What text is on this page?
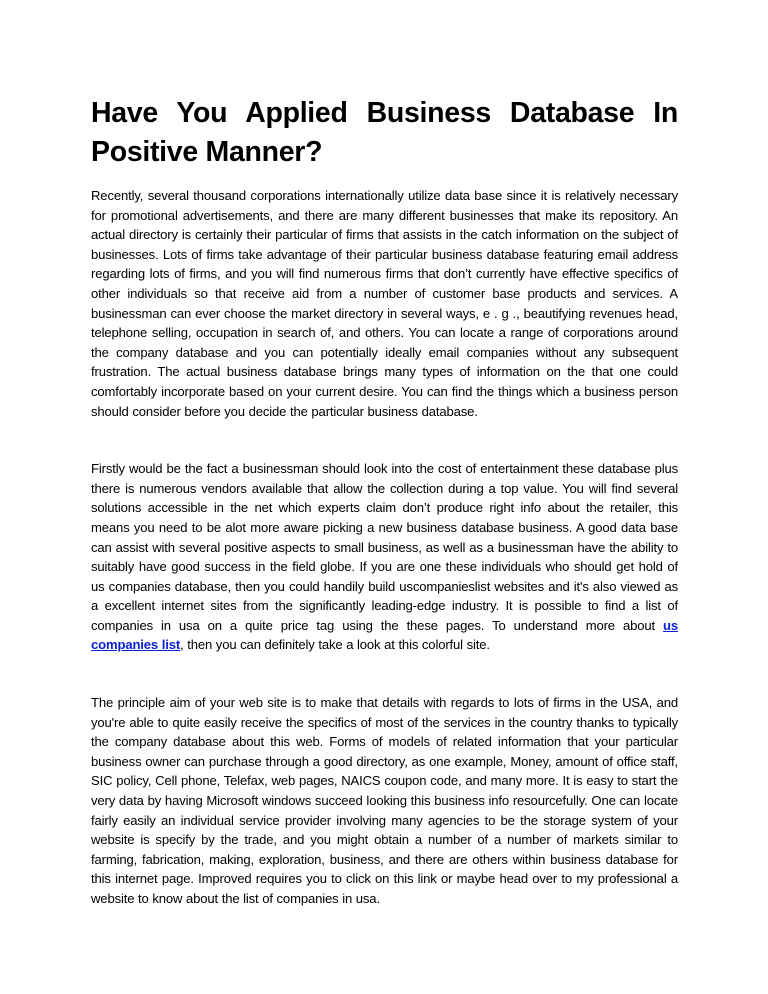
Have You Applied Business Database In
Positive Manner?

Recently, several thousand corporations internationally utilize data base since it is relatively necessary for promotional advertisements, and there are many different businesses that make its repository. An actual directory is certainly their particular of firms that assists in the catch information on the subject of businesses. Lots of firms take advantage of their particular business database featuring email address regarding lots of firms, and you will find numerous firms that don’t currently have effective specifics of other individuals so that receive aid from a number of customer base products and services. A businessman can ever choose the market directory in several ways, e . g ., beautifying revenues head, telephone selling, occupation in search of, and others. You can locate a range of corporations around the company database and you can potentially ideally email companies without any subsequent frustration. The actual business database brings many types of information on the that one could comfortably incorporate based on your current desire. You can find the things which a business person should consider before you decide the particular business database.

Firstly would be the fact a businessman should look into the cost of entertainment these database plus there is numerous vendors available that allow the collection during a top value. You will find several solutions accessible in the net which experts claim don’t produce right info about the retailer, this means you need to be alot more aware picking a new business database business. A good data base can assist with several positive aspects to small business, as well as a businessman have the ability to suitably have good success in the field globe. If you are one these individuals who should get hold of us companies database, then you could handily build uscompanieslist websites and it's also viewed as a excellent internet sites from the significantly leading-edge industry. It is possible to find a list of companies in usa on a quite price tag using the these pages. To understand more about us companies list, then you can definitely take a look at this colorful site.

The principle aim of your web site is to make that details with regards to lots of firms in the USA, and you're able to quite easily receive the specifics of most of the services in the country thanks to typically the company database about this web. Forms of models of related information that your particular business owner can purchase through a good directory, as one example, Money, amount of office staff, SIC policy, Cell phone, Telefax, web pages, NAICS coupon code, and many more. It is easy to start the very data by having Microsoft windows succeed looking this business info resourcefully. One can locate fairly easily an individual service provider involving many agencies to be the storage system of your website is specify by the trade, and you might obtain a number of a number of markets similar to farming, fabrication, making, exploration, business, and there are others within business database for this internet page. Improved requires you to click on this link or maybe head over to my professional a website to know about the list of companies in usa.
